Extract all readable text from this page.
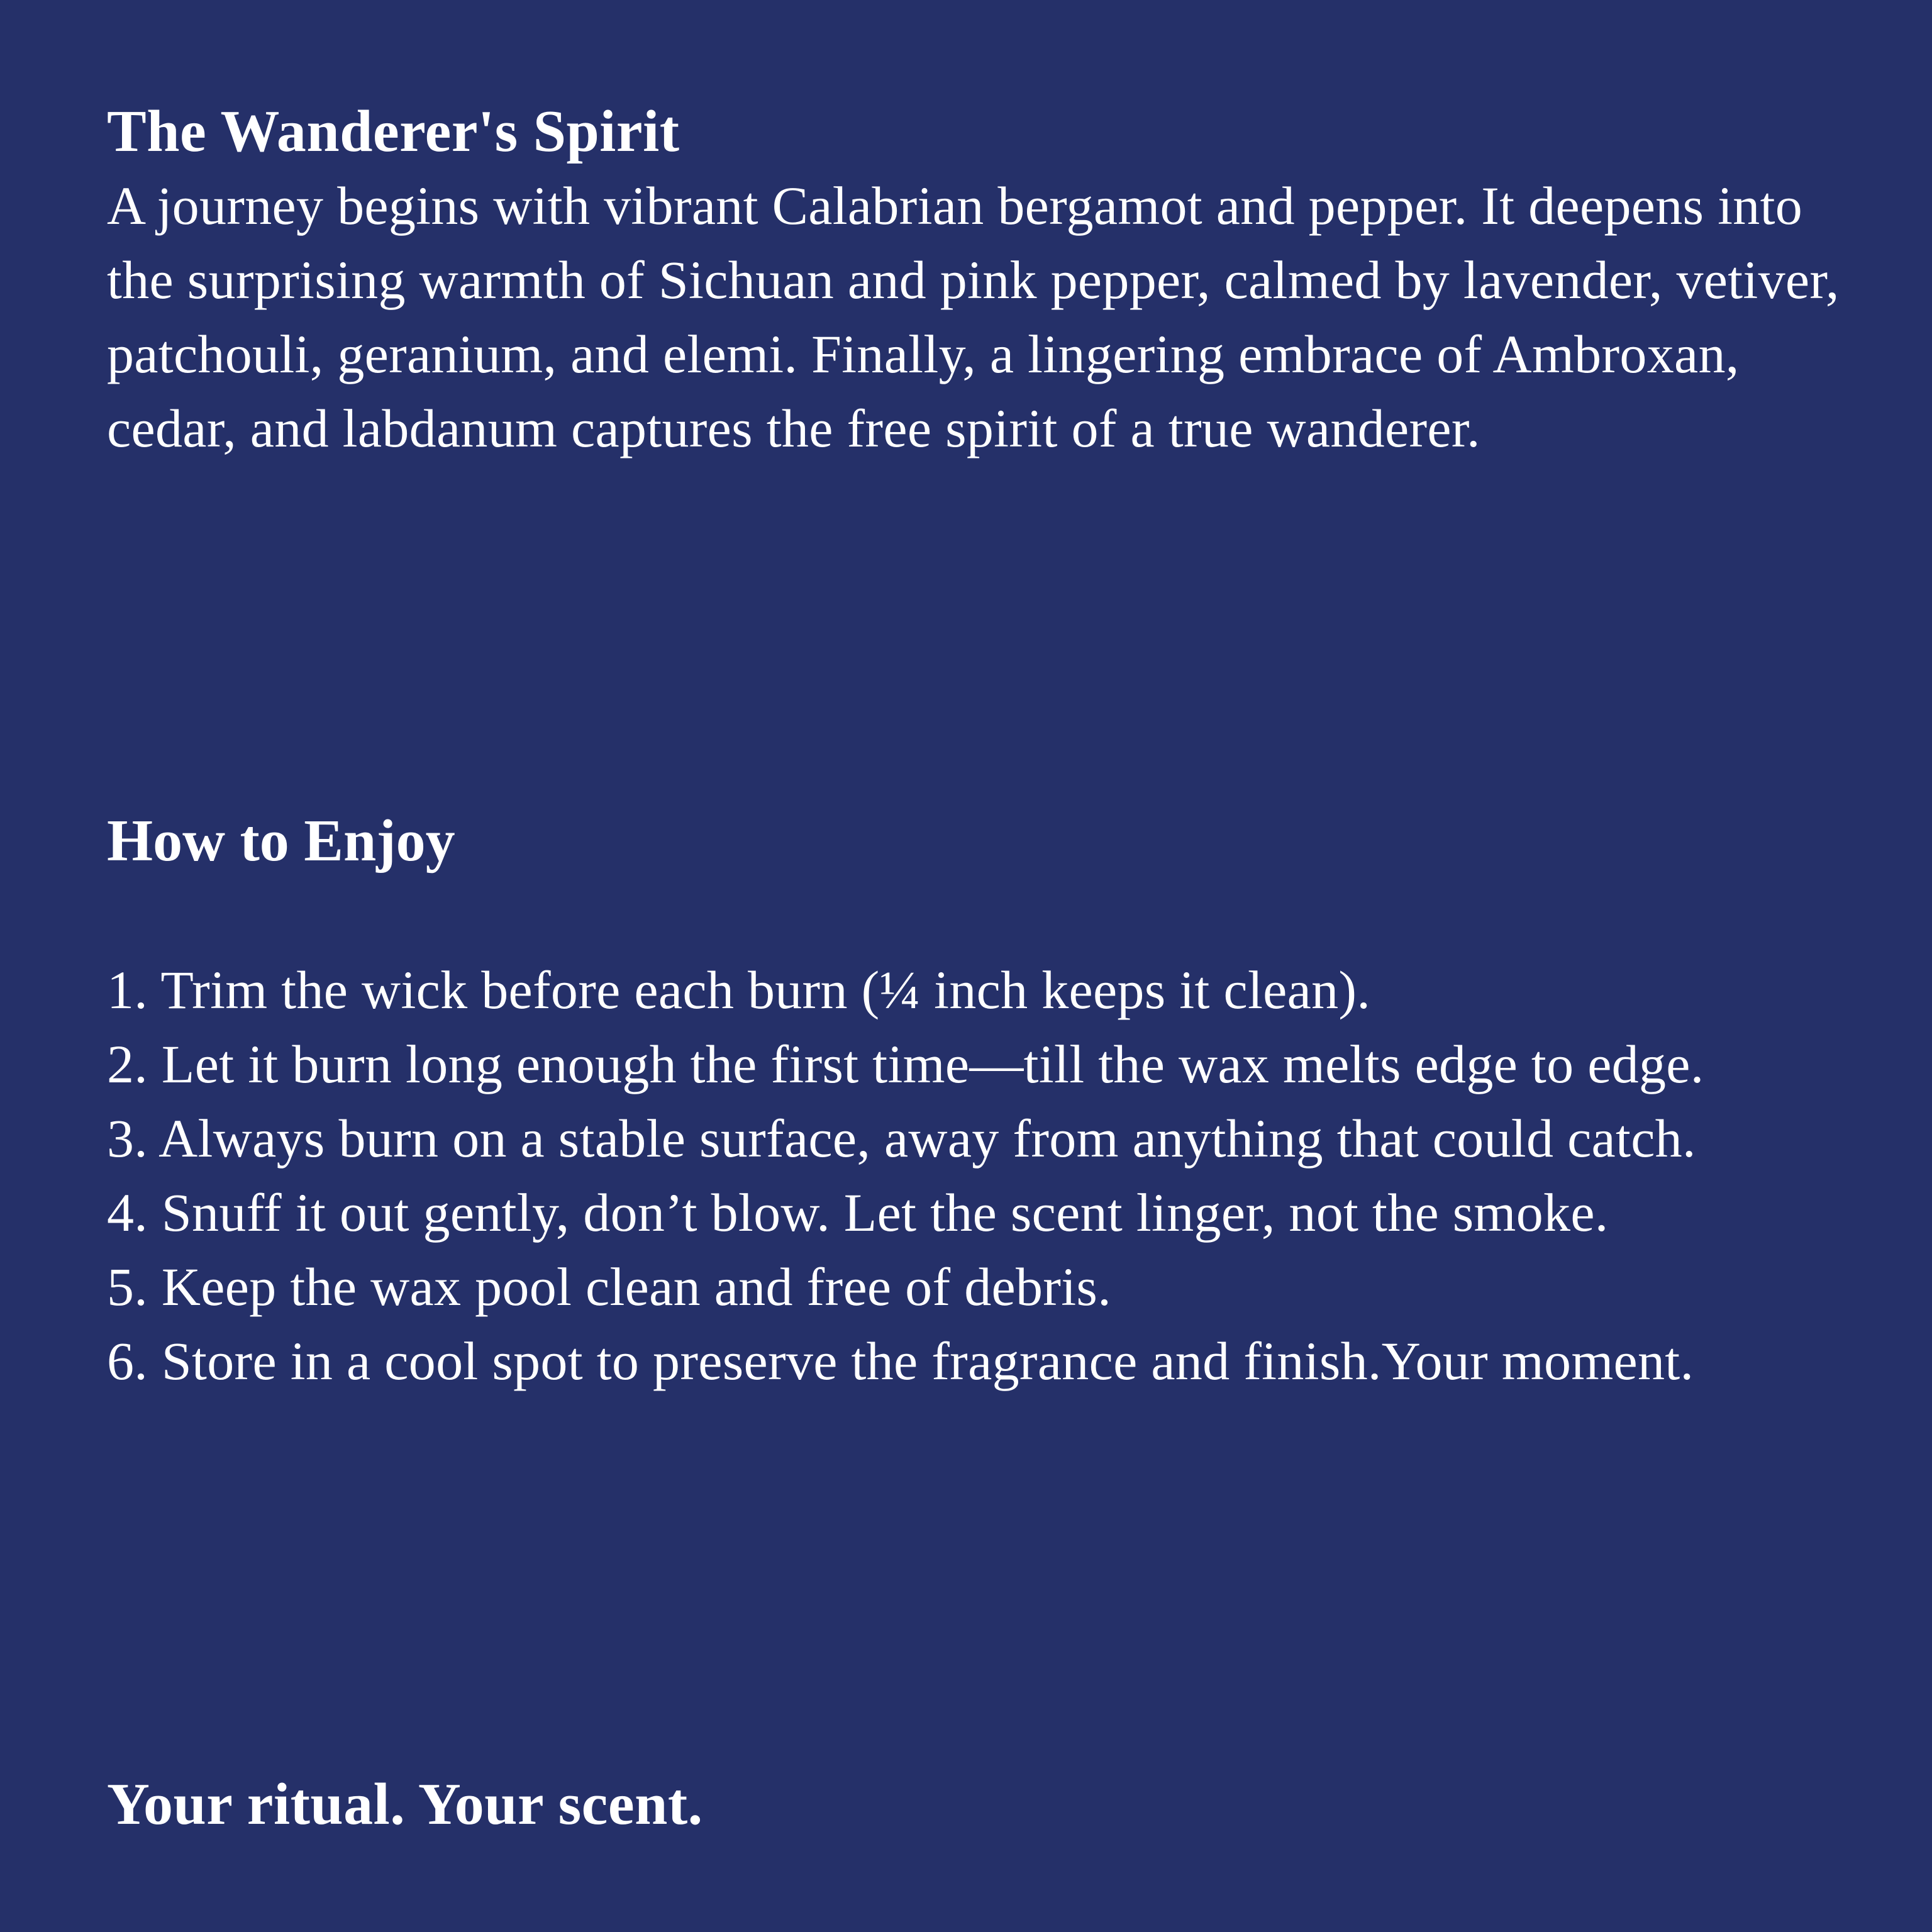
The Wanderer's Spirit

A journey begins with vibrant Calabrian bergamot and pepper. It deepens into the surprising warmth of Sichuan and pink pepper, calmed by lavender, vetiver, patchouli, geranium, and elemi. Finally, a lingering embrace of Ambroxan, cedar, and labdanum captures the free spirit of a true wanderer.

How to Enjoy
1. Trim the wick before each burn (¼ inch keeps it clean).
2. Let it burn long enough the first time—till the wax melts edge to edge.
3. Always burn on a stable surface, away from anything that could catch.
4. Snuff it out gently, don’t blow. Let the scent linger, not the smoke.
5. Keep the wax pool clean and free of debris.
6. Store in a cool spot to preserve the fragrance and finish.Your moment.

Your ritual. Your scent.
